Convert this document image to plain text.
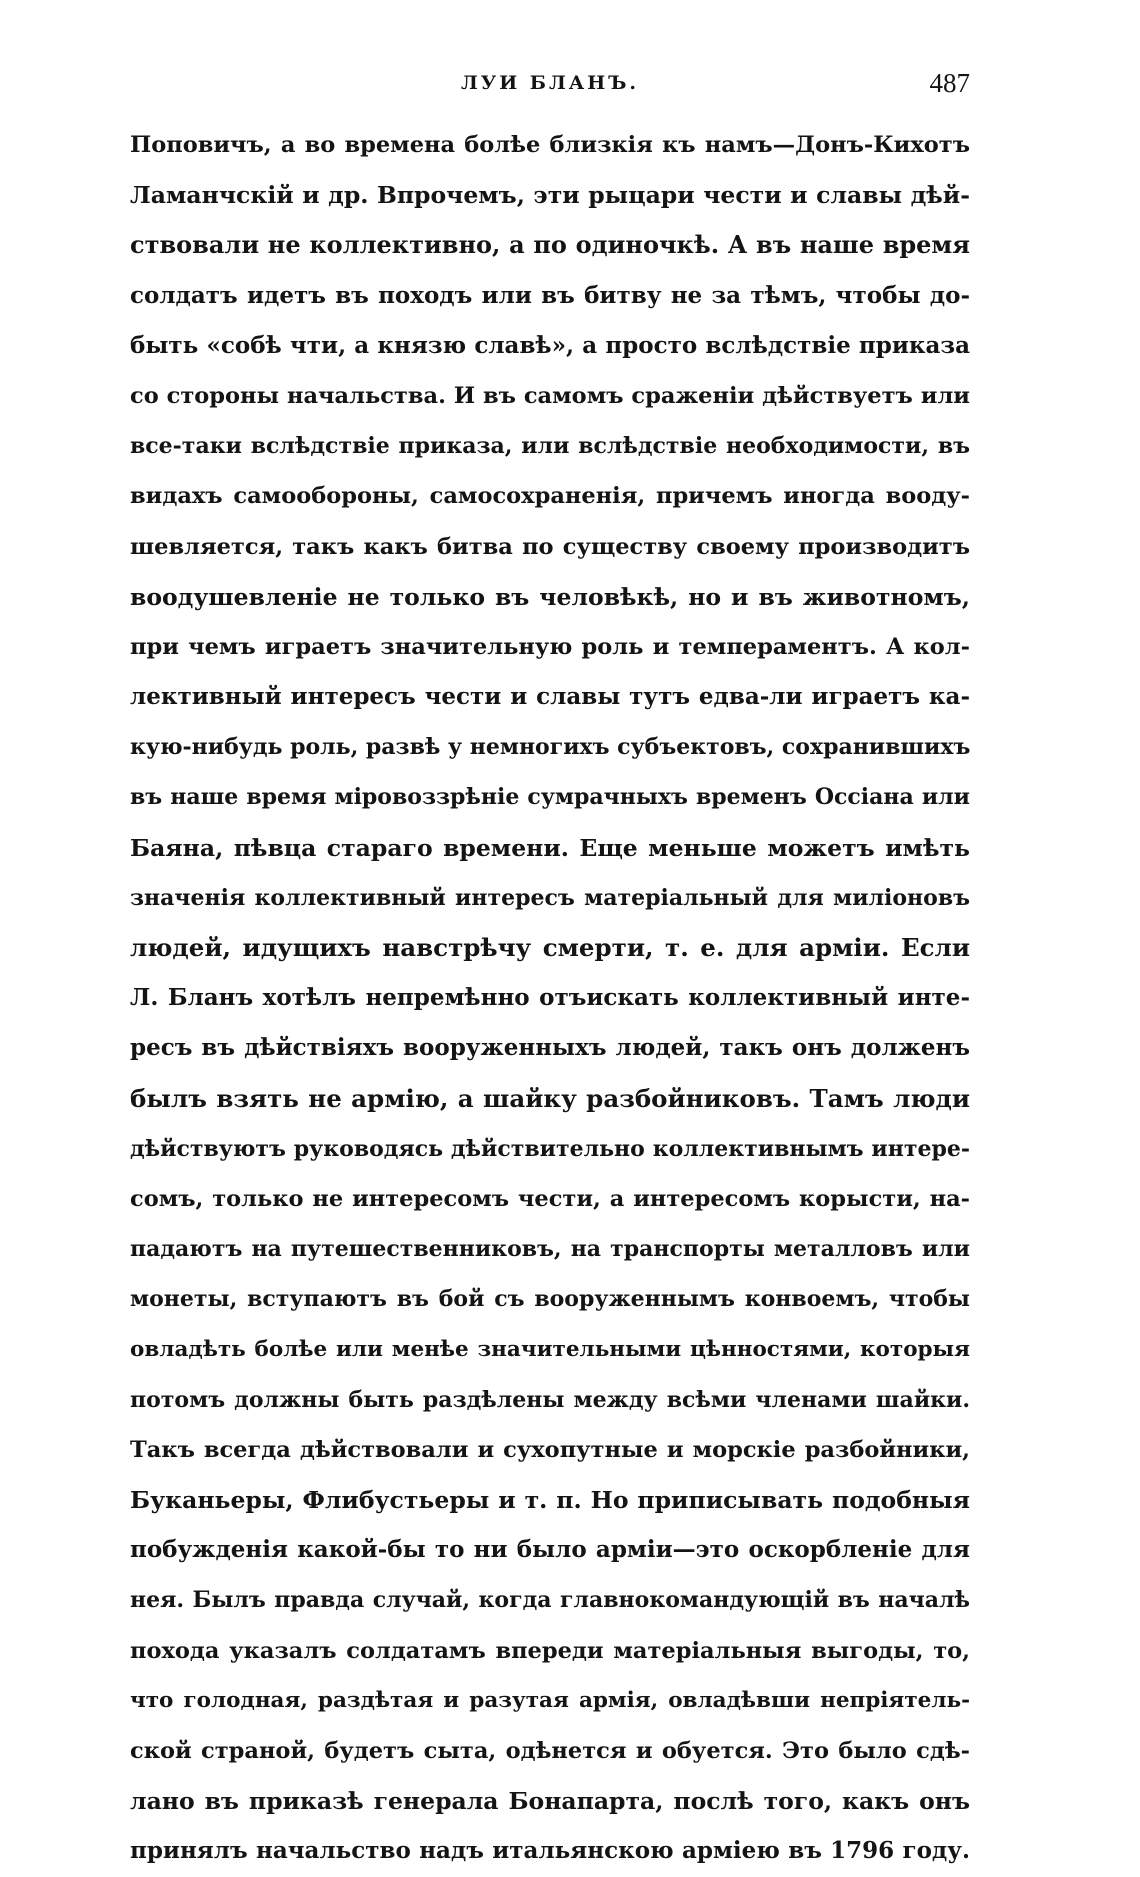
ЛУИ БЛАНЪ.	487
Поповичъ, а во времена болѣе близкія къ намъ—Донъ-Кихотъ
Ламанчскій и др. Впрочемъ, эти рыцари чести и славы дѣй-
ствовали не коллективно, а по одиночкѣ. А въ наше время
солдатъ идетъ въ походъ или въ битву не за тѣмъ, чтобы до-
быть «собѣ чти, а князю славѣ», а просто вслѣдствіе приказа
со стороны начальства. И въ самомъ сраженіи дѣйствуетъ или
все-таки вслѣдствіе приказа, или вслѣдствіе необходимости, въ
видахъ самообороны, самосохраненія, причемъ иногда вооду-
шевляется, такъ какъ битва по существу своему производитъ
воодушевленіе не только въ человѣкѣ, но и въ животномъ,
при чемъ играетъ значительную роль и темпераментъ. А кол-
лективный интересъ чести и славы тутъ едва-ли играетъ ка-
кую-нибудь роль, развѣ у немногихъ субъектовъ, сохранившихъ
въ наше время міровоззрѣніе сумрачныхъ временъ Оссіана или
Баяна, пѣвца стараго времени. Еще меньше можетъ имѣть
значенія коллективный интересъ матеріальный для миліоновъ
людей, идущихъ навстрѣчу смерти, т. е. для арміи. Если
Л. Бланъ хотѣлъ непремѣнно отъискать коллективный инте-
ресъ въ дѣйствіяхъ вооруженныхъ людей, такъ онъ долженъ
былъ взять не армію, а шайку разбойниковъ. Тамъ люди
дѣйствуютъ руководясь дѣйствительно коллективнымъ интере-
сомъ, только не интересомъ чести, а интересомъ корысти, на-
падаютъ на путешественниковъ, на транспорты металловъ или
монеты, вступаютъ въ бой съ вооруженнымъ конвоемъ, чтобы
овладѣть болѣе или менѣе значительными цѣнностями, которыя
потомъ должны быть раздѣлены между всѣми членами шайки.
Такъ всегда дѣйствовали и сухопутные и морскіе разбойники,
Буканьеры, Флибустьеры и т. п. Но приписывать подобныя
побужденія какой-бы то ни было арміи—это оскорбленіе для
нея. Былъ правда случай, когда главнокомандующій въ началѣ
похода указалъ солдатамъ впереди матеріальныя выгоды, то,
что голодная, раздѣтая и разутая армія, овладѣвши непріятель-
ской страной, будетъ сыта, одѣнется и обуется. Это было сдѣ-
лано въ приказѣ генерала Бонапарта, послѣ того, какъ онъ
принялъ начальство надъ итальянскою арміею въ 1796 году.
